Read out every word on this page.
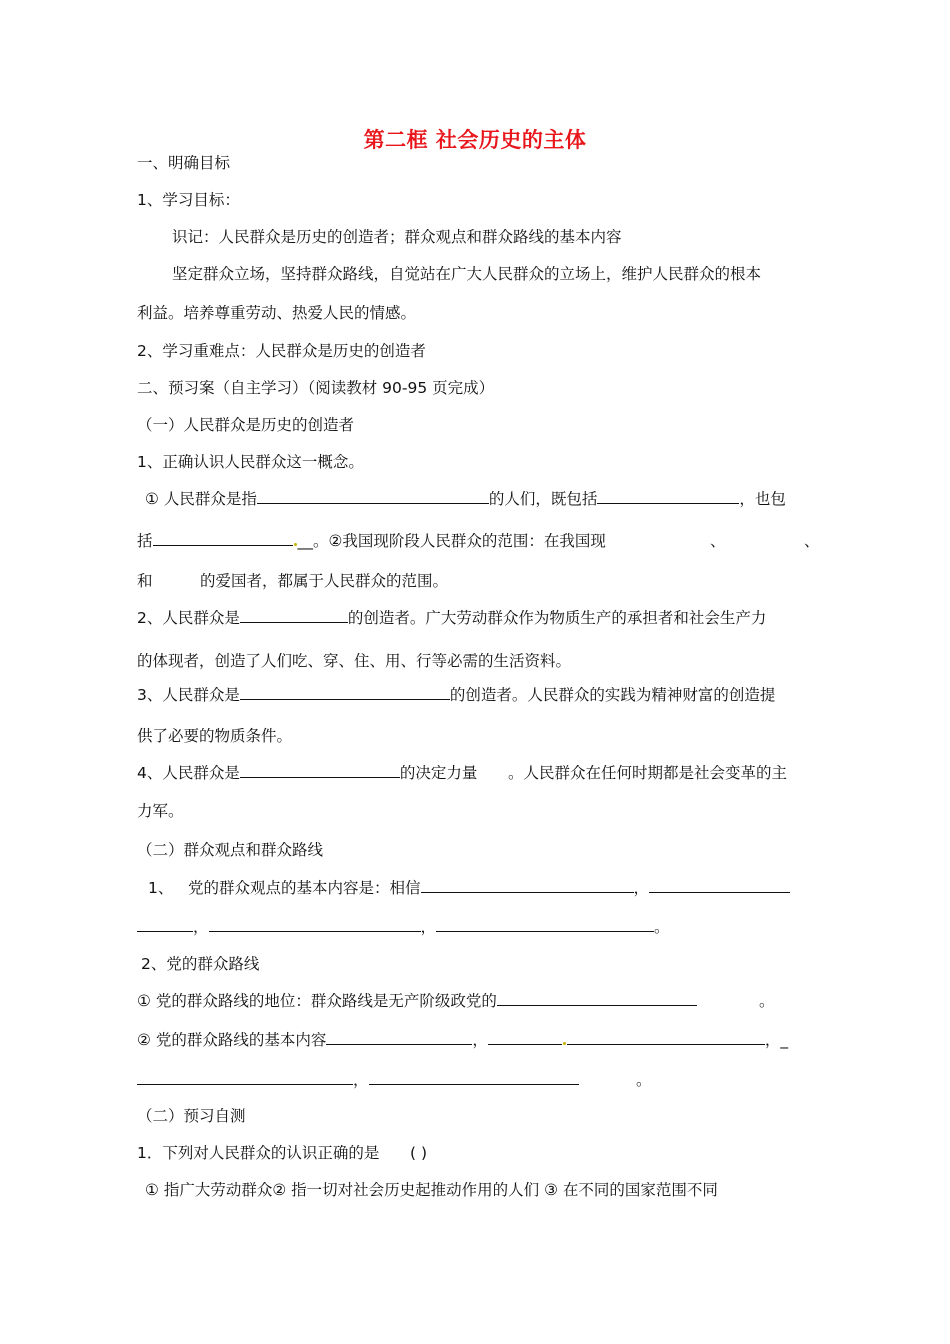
第二框 社会历史的主体
一、明确目标
1、学习目标：
识记：人民群众是历史的创造者；群众观点和群众路线的基本内容
坚定群众立场，坚持群众路线，自觉站在广大人民群众的立场上，维护人民群众的根本
利益。培养尊重劳动、热爱人民的情感。
2、学习重难点：人民群众是历史的创造者
二、预习案（自主学习）（阅读教材 90-95 页完成）
（一）人民群众是历史的创造者
1、正确认识人民群众这一概念。
① 人民群众是指	的人们，既包括	，也包
括	__。②我国现阶段人民群众的范围：在我国现	、	、
和	的爱国者，都属于人民群众的范围。
2、人民群众是	的创造者。广大劳动群众作为物质生产的承担者和社会生产力
的体现者，创造了人们吃、穿、住、用、行等必需的生活资料。
3、人民群众是	的创造者。人民群众的实践为精神财富的创造提
供了必要的物质条件。
4、人民群众是	的决定力量 。人民群众在任何时期都是社会变革的主
力军。
（二）群众观点和群众路线
1、 党的群众观点的基本内容是：相信	，
，	，	。
2、党的群众路线
① 党的群众路线的地位：群众路线是无产阶级政党的	。
② 党的群众路线的基本内容	，	，_
，	。
（二）预习自测
1．下列对人民群众的认识正确的是 ( )
① 指广大劳动群众② 指一切对社会历史起推动作用的人们 ③ 在不同的国家范围不同
